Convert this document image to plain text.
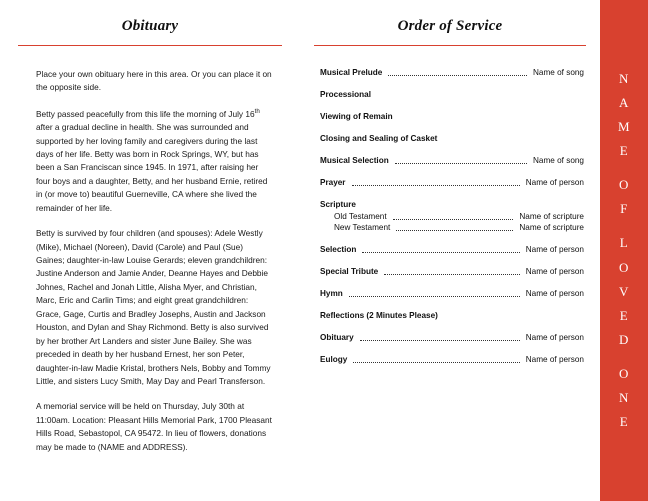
Obituary

Place your own obituary here in this area. Or you can place it on the opposite side.

Betty passed peacefully from this life the morning of July 16th after a gradual decline in health. She was surrounded and supported by her loving family and caregivers during the last days of her life. Betty was born in Rock Springs, WY, but has been a San Franciscan since 1945. In 1971, after raising her four boys and a daughter, Betty, and her husband Ernie, retired in (or move to) beautiful Guerneville, CA where she lived the remainder of her life.

Betty is survived by four children (and spouses): Adele Westly (Mike), Michael (Noreen), David (Carole) and Paul (Sue) Gaines; daughter-in-law Louise Gerards; eleven grandchildren: Justine Anderson and Jamie Ander, Deanne Hayes and Debbie Johnes, Rachel and Jonah Little, Alisha Myer, and Christian, Marc, Eric and Carlin Tims; and eight great grandchildren: Grace, Gage, Curtis and Bradley Josephs, Austin and Jackson Houston, and Dylan and Shay Richmond. Betty is also survived by her brother Art Landers and sister June Bailey. She was preceded in death by her husband Ernest, her son Peter, daughter-in-law Madie Kristal, brothers Nels, Bobby and Tommy Little, and sisters Lucy Smith, May Day and Pearl Transferson.

A memorial service will be held on Thursday, July 30th at 11:00am. Location: Pleasant Hills Memorial Park, 1700 Pleasant Hills Road, Sebastopol, CA 95472. In lieu of flowers, donations may be made to (NAME and ADDRESS).

Order of Service
Musical Prelude	Name of song
Processional
Viewing of Remain
Closing and Sealing of Casket
Musical Selection	Name of song
Prayer	Name of person
Scripture
Old Testament	Name of scripture
New Testament	Name of scripture
Selection	Name of person
Special Tribute	Name of person
Hymn	Name of person
Reflections (2 Minutes Please)
Obituary	Name of person
Eulogy	Name of person
N
A
M
E
O
F
L
O
V
E
D
O
N
E
